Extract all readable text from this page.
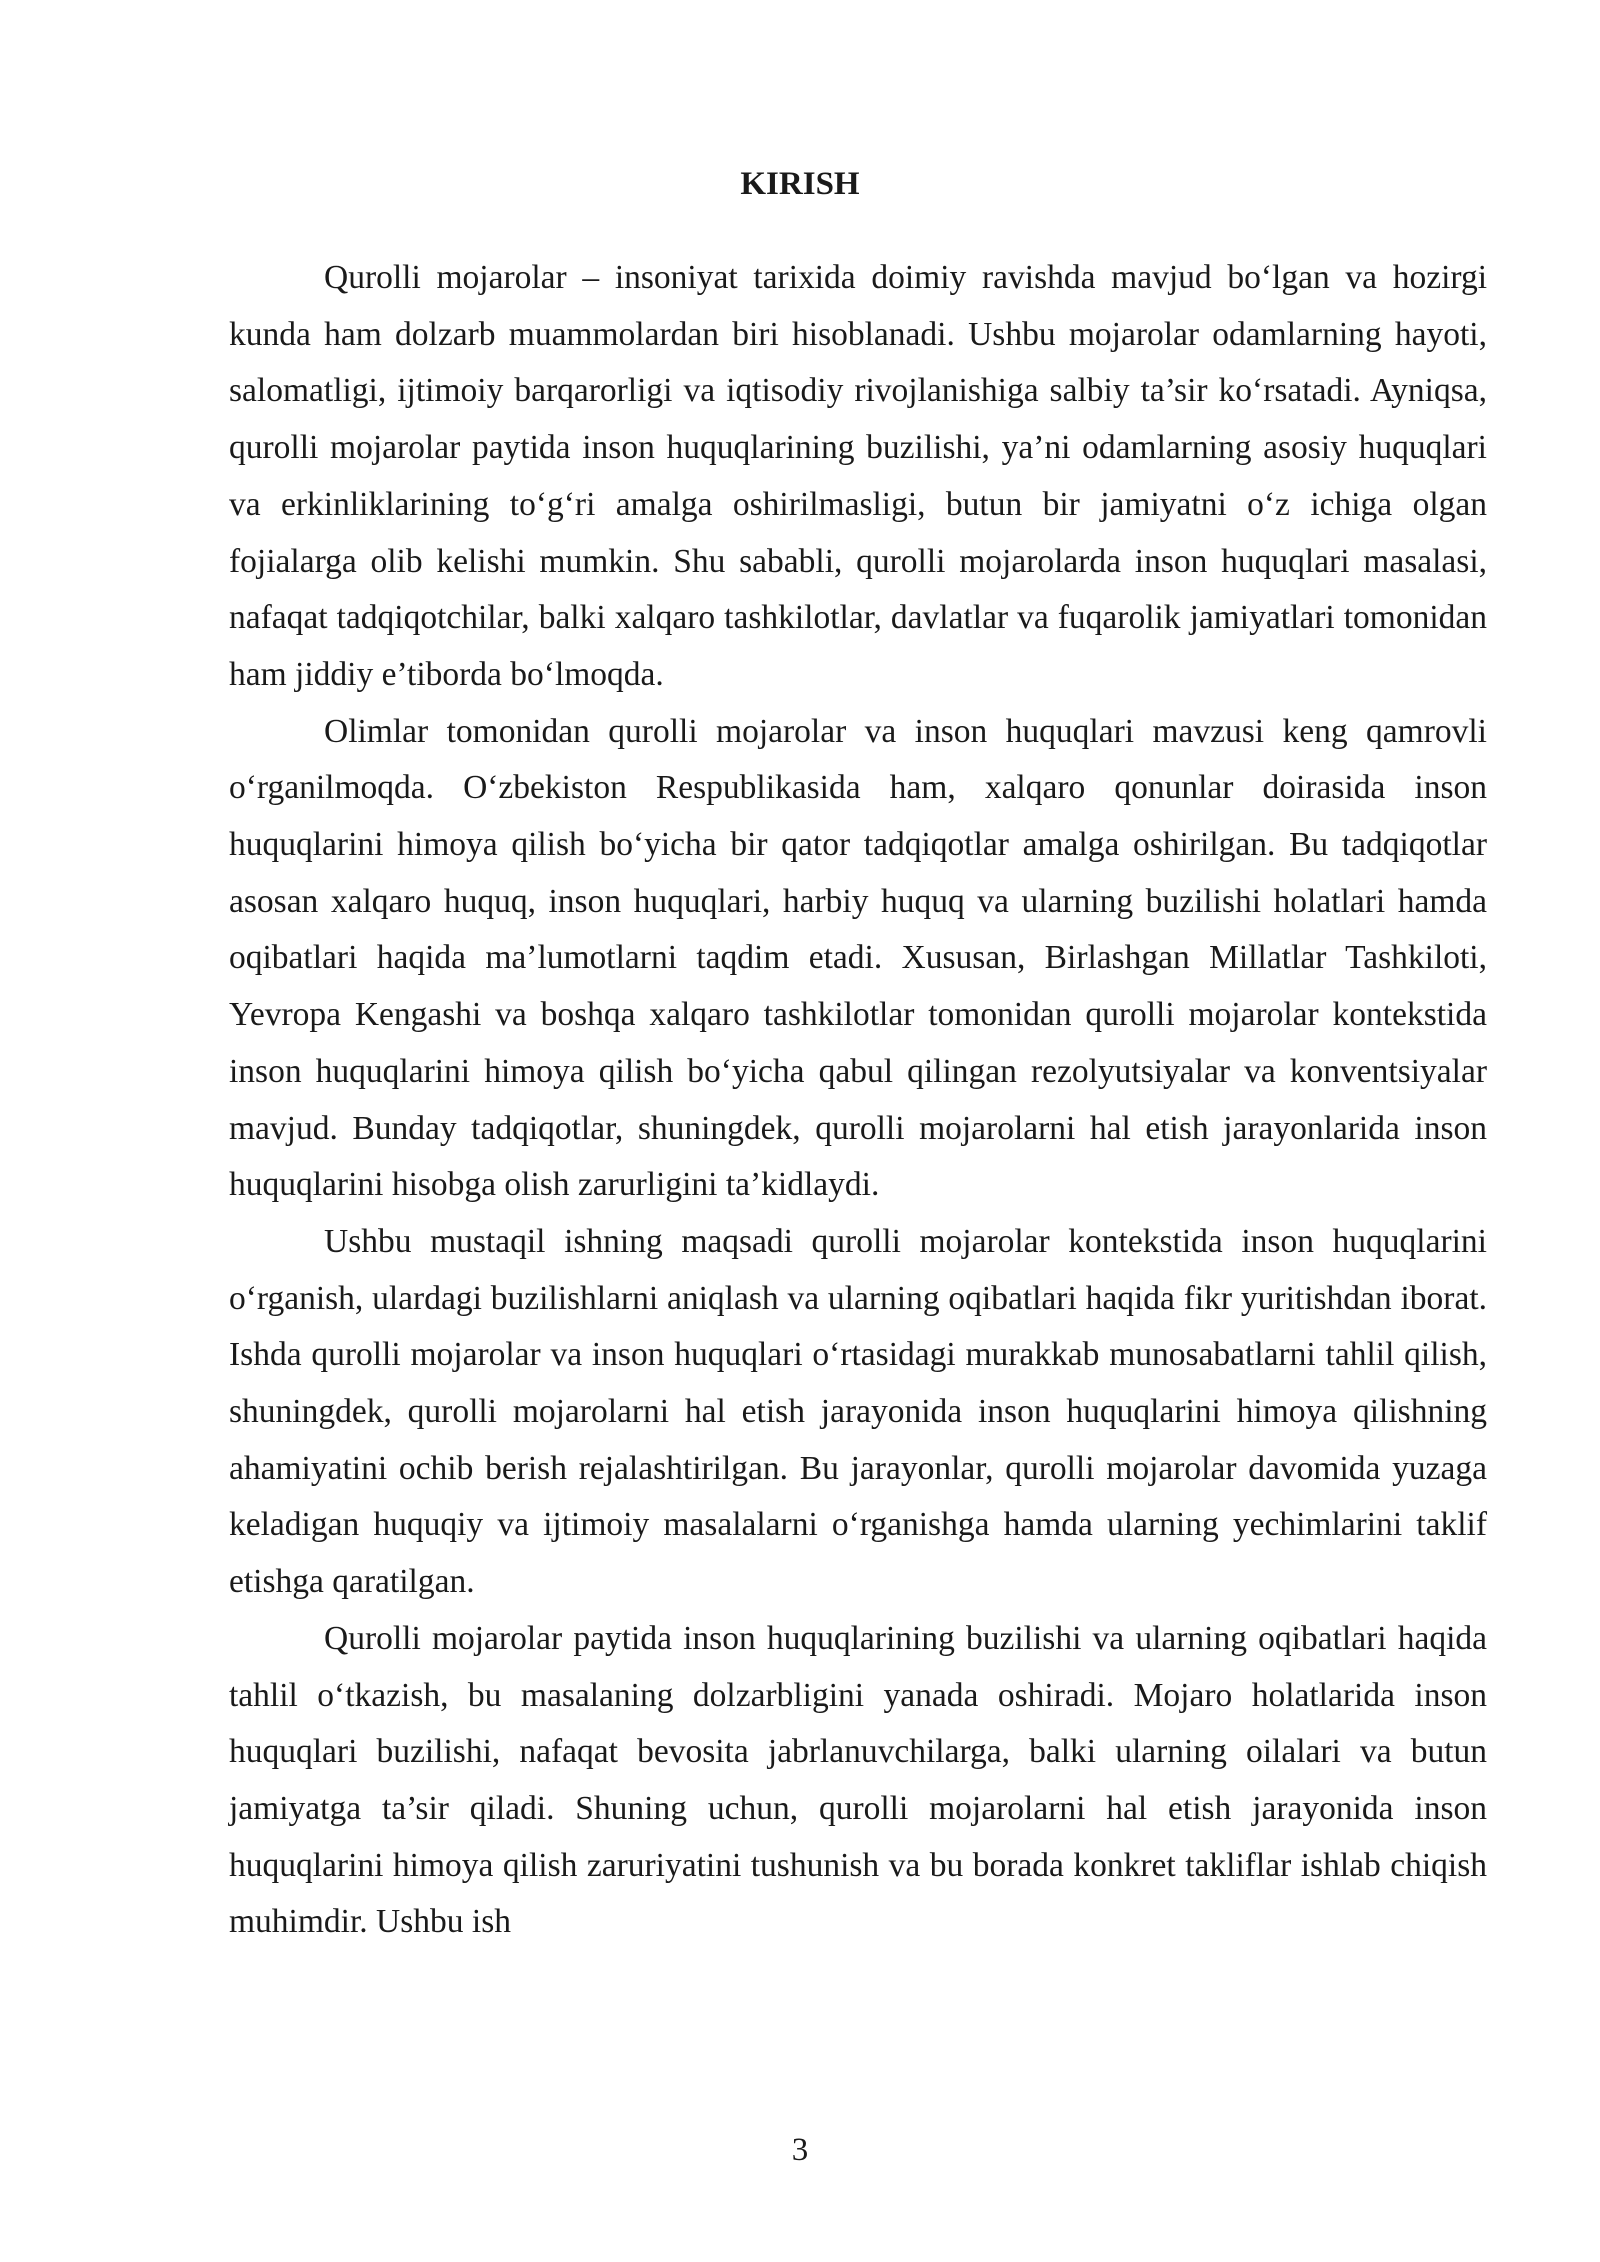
KIRISH

Qurolli mojarolar – insoniyat tarixida doimiy ravishda mavjud bo‘lgan va hozirgi kunda ham dolzarb muammolardan biri hisoblanadi. Ushbu mojarolar odamlarning hayoti, salomatligi, ijtimoiy barqarorligi va iqtisodiy rivojlanishiga salbiy ta’sir ko‘rsatadi. Ayniqsa, qurolli mojarolar paytida inson huquqlarining buzilishi, ya’ni odamlarning asosiy huquqlari va erkinliklarining to‘g‘ri amalga oshirilmasligi, butun bir jamiyatni o‘z ichiga olgan fojialarga olib kelishi mumkin. Shu sababli, qurolli mojarolarda inson huquqlari masalasi, nafaqat tadqiqotchilar, balki xalqaro tashkilotlar, davlatlar va fuqarolik jamiyatlari tomonidan ham jiddiy e’tiborda bo‘lmoqda.

Olimlar tomonidan qurolli mojarolar va inson huquqlari mavzusi keng qamrovli o‘rganilmoqda. O‘zbekiston Respublikasida ham, xalqaro qonunlar doirasida inson huquqlarini himoya qilish bo‘yicha bir qator tadqiqotlar amalga oshirilgan. Bu tadqiqotlar asosan xalqaro huquq, inson huquqlari, harbiy huquq va ularning buzilishi holatlari hamda oqibatlari haqida ma’lumotlarni taqdim etadi. Xususan, Birlashgan Millatlar Tashkiloti, Yevropa Kengashi va boshqa xalqaro tashkilotlar tomonidan qurolli mojarolar kontekstida inson huquqlarini himoya qilish bo‘yicha qabul qilingan rezolyutsiyalar va konventsiyalar mavjud. Bunday tadqiqotlar, shuningdek, qurolli mojarolarni hal etish jarayonlarida inson huquqlarini hisobga olish zarurligini ta’kidlaydi.

Ushbu mustaqil ishning maqsadi qurolli mojarolar kontekstida inson huquqlarini o‘rganish, ulardagi buzilishlarni aniqlash va ularning oqibatlari haqida fikr yuritishdan iborat. Ishda qurolli mojarolar va inson huquqlari o‘rtasidagi murakkab munosabatlarni tahlil qilish, shuningdek, qurolli mojarolarni hal etish jarayonida inson huquqlarini himoya qilishning ahamiyatini ochib berish rejalashtirilgan. Bu jarayonlar, qurolli mojarolar davomida yuzaga keladigan huquqiy va ijtimoiy masalalarni o‘rganishga hamda ularning yechimlarini taklif etishga qaratilgan.

Qurolli mojarolar paytida inson huquqlarining buzilishi va ularning oqibatlari haqida tahlil o‘tkazish, bu masalaning dolzarbligini yanada oshiradi. Mojaro holatlarida inson huquqlari buzilishi, nafaqat bevosita jabrlanuvchilarga, balki ularning oilalari va butun jamiyatga ta’sir qiladi. Shuning uchun, qurolli mojarolarni hal etish jarayonida inson huquqlarini himoya qilish zaruriyatini tushunish va bu borada konkret takliflar ishlab chiqish muhimdir. Ushbu ish

3
